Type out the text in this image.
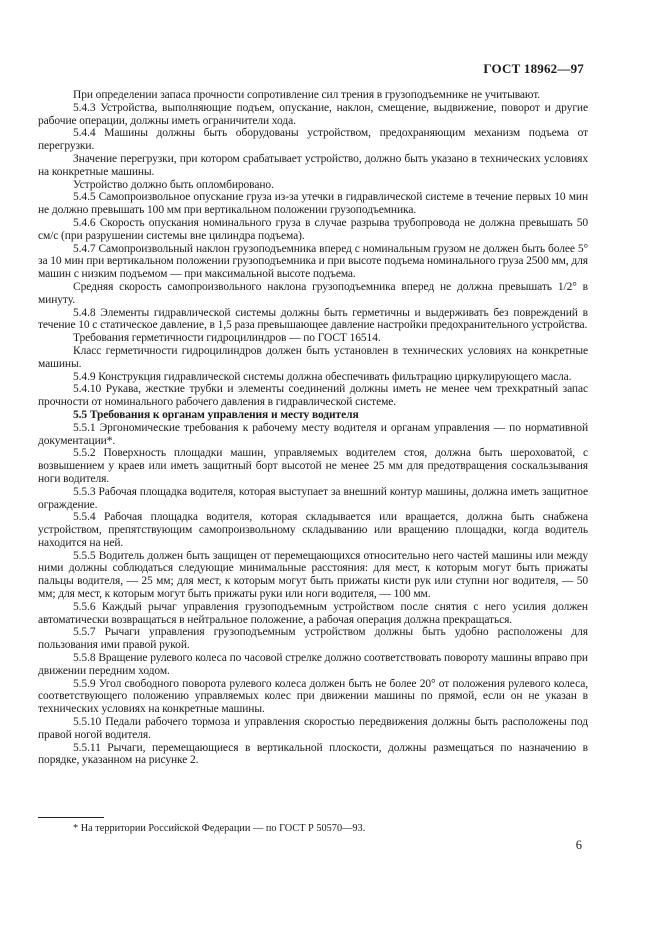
ГОСТ 18962—97

При определении запаса прочности сопротивление сил трения в грузоподъемнике не учитывают.

5.4.3 Устройства, выполняющие подъем, опускание, наклон, смещение, выдвижение, поворот и другие рабочие операции, должны иметь ограничители хода.

5.4.4 Машины должны быть оборудованы устройством, предохраняющим механизм подъема от перегрузки.

Значение перегрузки, при котором срабатывает устройство, должно быть указано в технических условиях на конкретные машины.

Устройство должно быть опломбировано.

5.4.5 Самопроизвольное опускание груза из-за утечки в гидравлической системе в течение первых 10 мин не должно превышать 100 мм при вертикальном положении грузоподъемника.

5.4.6 Скорость опускания номинального груза в случае разрыва трубопровода не должна превышать 50 см/с (при разрушении системы вне цилиндра подъема).

5.4.7 Самопроизвольный наклон грузоподъемника вперед с номинальным грузом не должен быть более 5° за 10 мин при вертикальном положении грузоподъемника и при высоте подъема номинального груза 2500 мм, для машин с низким подъемом — при максимальной высоте подъема.

Средняя скорость самопроизвольного наклона грузоподъемника вперед не должна превышать 1/2° в минуту.

5.4.8 Элементы гидравлической системы должны быть герметичны и выдерживать без повреждений в течение 10 с статическое давление, в 1,5 раза превышающее давление настройки предохранительного устройства.

Требования герметичности гидроцилиндров — по ГОСТ 16514.

Класс герметичности гидроцилиндров должен быть установлен в технических условиях на конкретные машины.

5.4.9 Конструкция гидравлической системы должна обеспечивать фильтрацию циркулирующего масла.

5.4.10 Рукава, жесткие трубки и элементы соединений должны иметь не менее чем трехкратный запас прочности от номинального рабочего давления в гидравлической системе.

5.5 Требования к органам управления и месту водителя

5.5.1 Эргономические требования к рабочему месту водителя и органам управления — по нормативной документации*.

5.5.2 Поверхность площадки машин, управляемых водителем стоя, должна быть шероховатой, с возвышением у краев или иметь защитный борт высотой не менее 25 мм для предотвращения соскальзывания ноги водителя.

5.5.3 Рабочая площадка водителя, которая выступает за внешний контур машины, должна иметь защитное ограждение.

5.5.4 Рабочая площадка водителя, которая складывается или вращается, должна быть снабжена устройством, препятствующим самопроизвольному складыванию или вращению площадки, когда водитель находится на ней.

5.5.5 Водитель должен быть защищен от перемещающихся относительно него частей машины или между ними должны соблюдаться следующие минимальные расстояния: для мест, к которым могут быть прижаты пальцы водителя, — 25 мм; для мест, к которым могут быть прижаты кисти рук или ступни ног водителя, — 50 мм; для мест, к которым могут быть прижаты руки или ноги водителя, — 100 мм.

5.5.6 Каждый рычаг управления грузоподъемным устройством после снятия с него усилия должен автоматически возвращаться в нейтральное положение, а рабочая операция должна прекращаться.

5.5.7 Рычаги управления грузоподъемным устройством должны быть удобно расположены для пользования ими правой рукой.

5.5.8 Вращение рулевого колеса по часовой стрелке должно соответствовать повороту машины вправо при движении передним ходом.

5.5.9 Угол свободного поворота рулевого колеса должен быть не более 20° от положения рулевого колеса, соответствующего положению управляемых колес при движении машины по прямой, если он не указан в технических условиях на конкретные машины.

5.5.10 Педали рабочего тормоза и управления скоростью передвижения должны быть расположены под правой ногой водителя.

5.5.11 Рычаги, перемещающиеся в вертикальной плоскости, должны размещаться по назначению в порядке, указанном на рисунке 2.

* На территории Российской Федерации — по ГОСТ Р 50570—93.

6
